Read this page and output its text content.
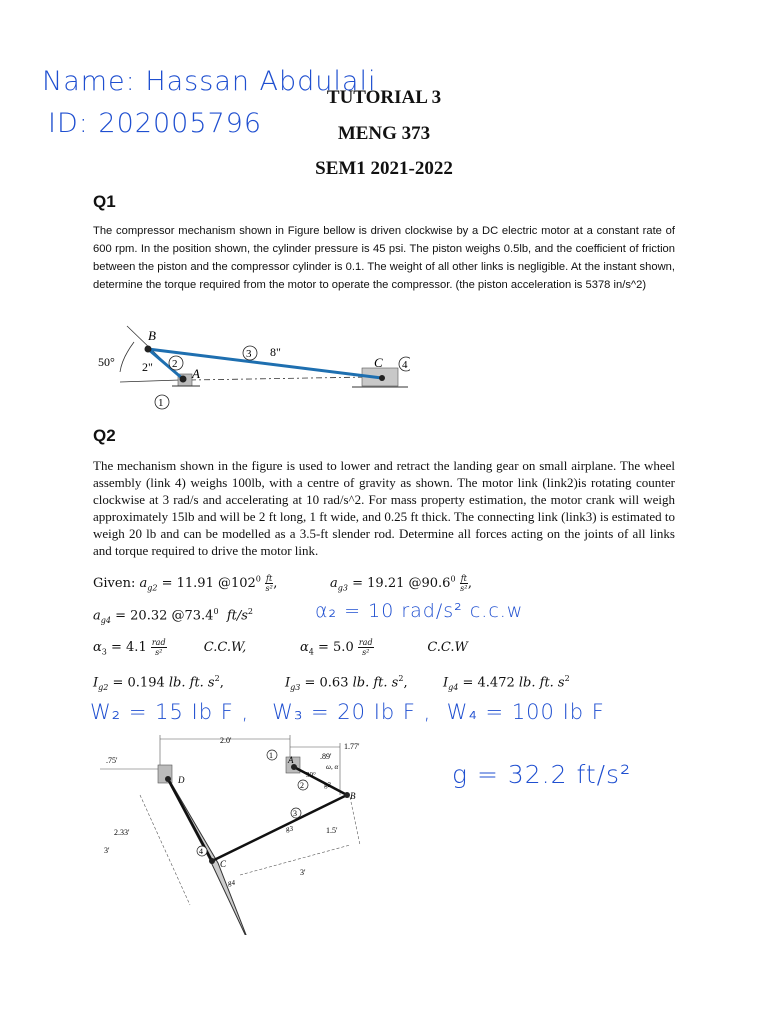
Name: Hassan Abdulali
ID: 202005796
TUTORIAL 3
MENG 373
SEM1 2021-2022
Q1
The compressor mechanism shown in Figure bellow is driven clockwise by a DC electric motor at a constant rate of 600 rpm. In the position shown, the cylinder pressure is 45 psi. The piston weighs 0.5lb, and the coefficient of friction between the piston and the compressor cylinder is 0.1. The weight of all other links is negligible. At the instant shown, determine the torque required from the motor to operate the compressor. (the piston acceleration is 5378 in/s^2)
50°
B
A
C
2"
8"
2
3
4
1
Q2
The mechanism shown in the figure is used to lower and retract the landing gear on small airplane. The wheel assembly (link 4) weighs 100lb, with a centre of gravity as shown. The motor link (link2)is rotating counter clockwise at 3 rad/s and accelerating at 10 rad/s^2. For mass property estimation, the motor crank will weigh approximately 15lb and will be 2 ft long, 1 ft wide, and 0.25 ft thick. The connecting link (link3) is estimated to weigh 20 lb and can be modelled as a 3.5-ft slender rod. Determine all forces acting on the joints of all links and torque required to drive the motor link.
Given: $a_{g2} = 11.91$ $@102^0 \frac{ft}{\text{s²}}$ ,	$a_{g3} = 19.21$ @90.6$^0$ $\frac{ft}{\text{s²}}$ ,
$a_{g4} = 20.32$ @73.4$^0$ $ft/s^2$	α₂ = 10 rad/s² c.c.w
$\alpha_3 = 4.1 \frac{\text{rad}}{\text{s²}}$	C.C.W,	$\alpha_4 = 5.0 \frac{\text{rad}}{\text{s²}}$	C.C.W
$I_{g2} = 0.194$ lb. ft. $s^2$,	$I_{g3} = 0.63$ lb. ft. $s^2$,	$I_{g4} = 4.472$ lb. ft. $s^2$
W₂ = 15 Ib F ,   W₃ = 20 Ib F ,  W₄ = 100 Ib F
2.0'
.75'
1.77'
.89'
2.33'
3'
1.5'
3'
D
A
B
C
g2
g3
g4
30°
ω, α
1
2
3
4
g = 32.2 ft/s²
